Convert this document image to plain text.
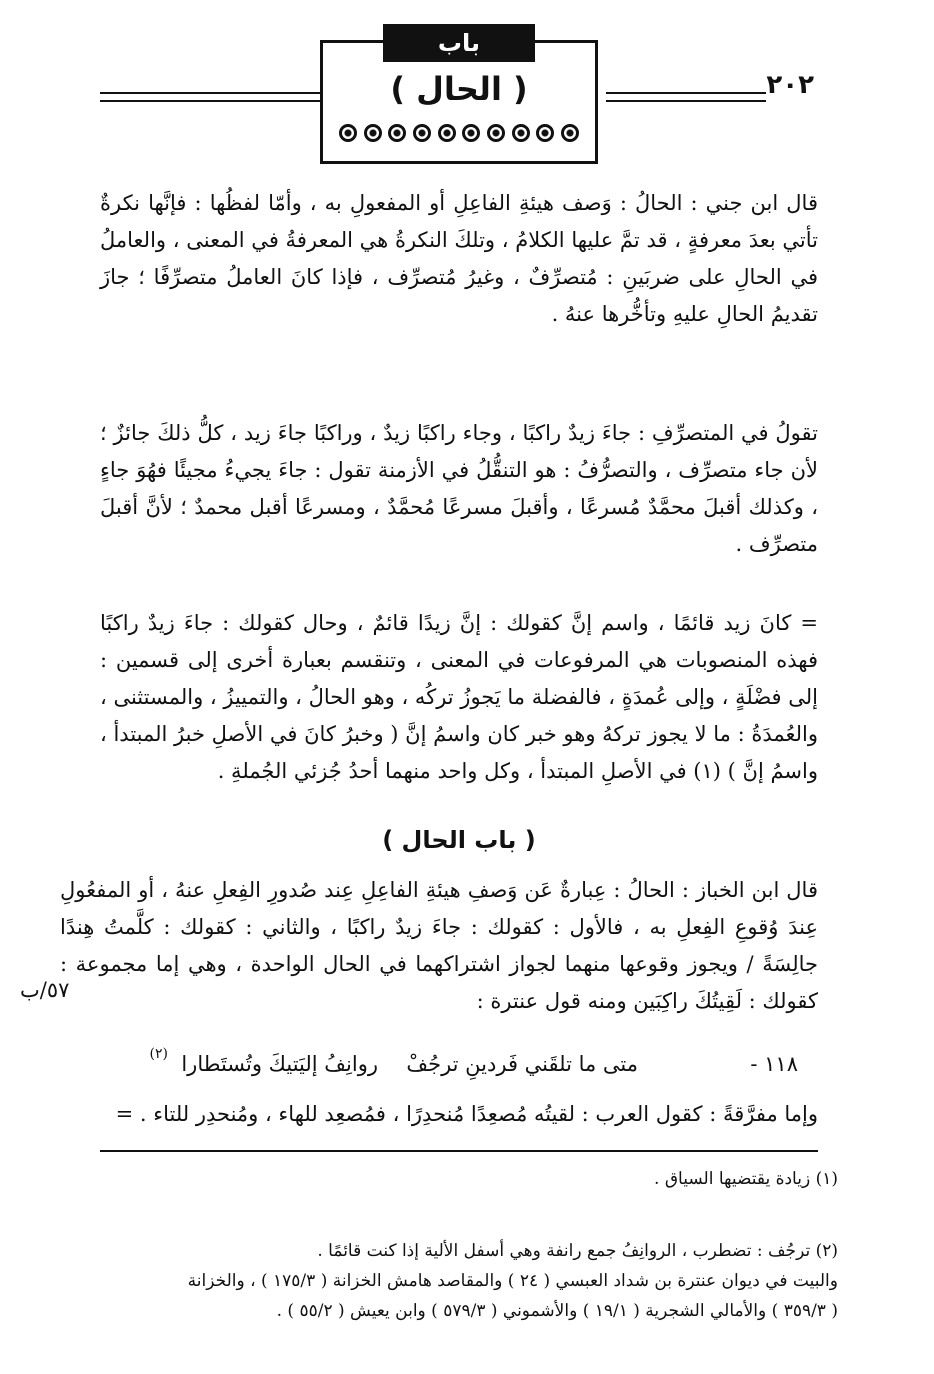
٢٠٢
باب
( الحال )
قال ابن جني : الحالُ : وَصف هيئةِ الفاعِلِ أو المفعولِ به ، وأمّا لفظُها : فإنَّها نكرةٌ تأتي بعدَ معرفةٍ ، قد تمَّ عليها الكلامُ ، وتلكَ النكرةُ هي المعرفةُ في المعنى ، والعاملُ في الحالِ على ضربَينِ : مُتصرِّفٌ ، وغيرُ مُتصرِّف ، فإذا كانَ العاملُ متصرِّفًا ؛ جازَ تقديمُ الحالِ عليهِ وتأخُّرها عنهُ .
تقولُ في المتصرِّفِ : جاءَ زيدٌ راكبًا ، وجاء راكبًا زيدٌ ، وراكبًا جاءَ زيد ، كلُّ ذلكَ جائزٌ ؛ لأن جاء متصرِّف ، والتصرُّفُ : هو التنقُّلُ في الأزمنة تقول : جاءَ يجيءُ مجيئًا فهُوَ جاءٍ ، وكذلك أقبلَ محمَّدٌ مُسرعًا ، وأقبلَ مسرعًا مُحمَّدٌ ، ومسرعًا أقبل محمدٌ ؛ لأنَّ أقبلَ متصرِّف .
= كانَ زيد قائمًا ، واسم إنَّ كقولك : إنَّ زيدًا قائمٌ ، وحال كقولك : جاءَ زيدٌ راكبًا فهذه المنصوبات هي المرفوعات في المعنى ، وتنقسم بعبارة أخرى إلى قسمين : إلى فضْلَةٍ ، وإلى عُمدَةٍ ، فالفضلة ما يَجوزُ تركُه ، وهو الحالُ ، والتمييزُ ، والمستثنى ، والعُمدَةُ : ما لا يجوز تركهُ وهو خبر كان واسمُ إنَّ ( وخبرُ كانَ في الأصلِ خبرُ المبتدأ ، واسمُ إنَّ ) (١) في الأصلِ المبتدأ ، وكل واحد منهما أحدُ جُزئي الجُملةِ .
( باب الحال )
قال ابن الخباز : الحالُ : عِبارةٌ عَن وَصفِ هيئةِ الفاعِلِ عِند صُدورِ الفِعلِ عنهُ ، أو المفعُولِ عِندَ وُقوعِ الفِعلِ به ، فالأول : كقولك : جاءَ زيدٌ راكبًا ، والثاني : كقولك : كلَّمتُ هِندًا جالِسَةً / ويجوز وقوعها منهما لجواز اشتراكهما في الحال الواحدة ، وهي إما مجموعة : كقولك : لَقِيتُكَ راكِبَين ومنه قول عنترة :
٥٧/ب
١١٨ -
متى ما تلقَني فَردينِ ترجُفْ
روانِفُ إليَتيكَ وتُستَطارا
(٢)
وإما مفرَّقةً : كقول العرب : لقيتُه مُصعِدًا مُنحدِرًا ، فمُصعِد للهاء ، ومُنحدِر للتاء . =
(١) زيادة يقتضيها السياق .
(٢) ترجُف : تضطرب ، الروانِفُ جمع رانفة وهي أسفل الألية إذا كنت قائمًا .
والبيت في ديوان عنترة بن شداد العبسي ( ٢٤ ) والمقاصد هامش الخزانة ( ١٧٥/٣ ) ، والخزانة
( ٣٥٩/٣ ) والأمالي الشجرية ( ١٩/١ ) والأشموني ( ٥٧٩/٣ ) وابن يعيش ( ٥٥/٢ ) .
